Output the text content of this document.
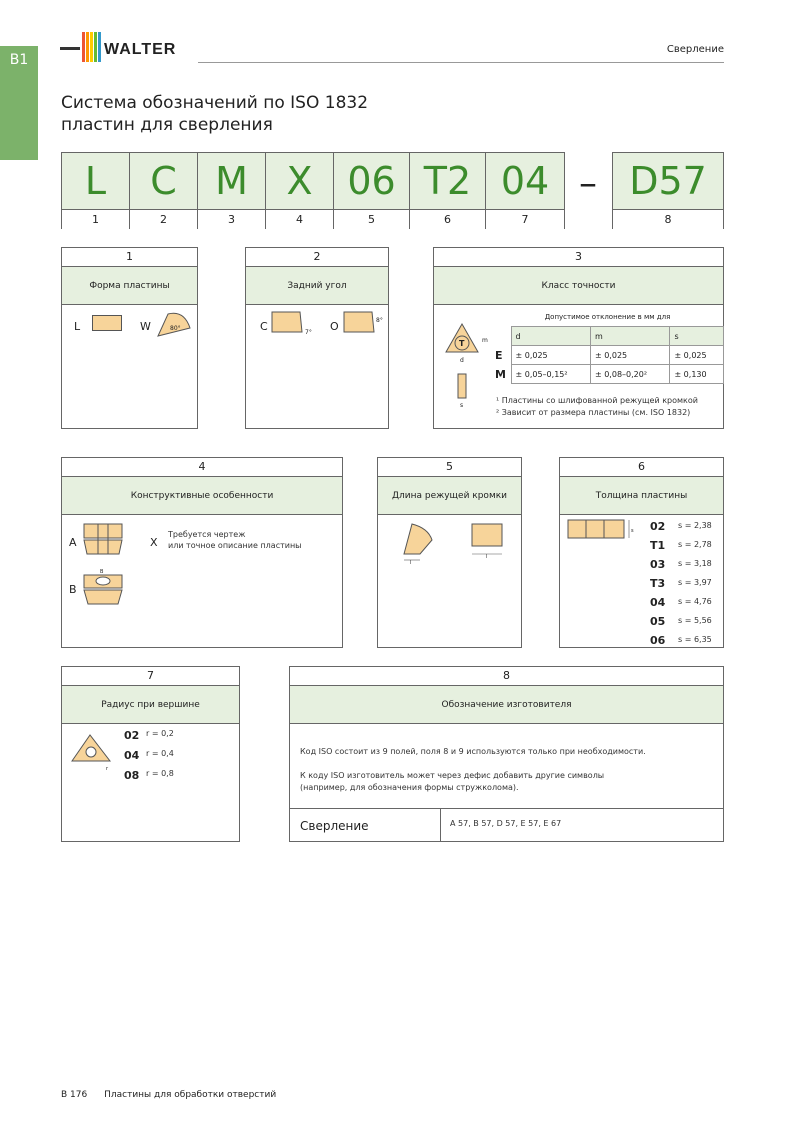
B1
WALTER	Сверление
Система обозначений по ISO 1832
пластин для сверления
L
1
C
2
M
3
X
4
06
5
T2
6
04
7
– D57
8
1
Форма пластины
L	W	80°
2
Задний угол
C	7° O	8°
3
Класс точности
T	m
d
s
Допустимое отклонение в мм для
	d	m	s
E	± 0,025	± 0,025	± 0,025
M	± 0,05–0,15²	± 0,08–0,20²	± 0,130
¹ Пластины со шлифованной режущей кромкой
² Зависит от размера пластины (см. ISO 1832)
4
Конструктивные особенности
A
B
B
X
Требуется чертеж
или точное описание пластины
5
Длина режущей кромки
l
l
6
Толщина пластины
s 02 s = 2,38
T1 s = 2,78
03 s = 3,18
T3 s = 3,97
04 s = 4,76
05 s = 5,56
06 s = 6,35
7
Радиус при вершине
r
02 r = 0,2
04 r = 0,4
08 r = 0,8
8
Обозначение изготовителя
Код ISO состоит из 9 полей, поля 8 и 9 используются только при необходимости.
К коду ISO изготовитель может через дефис добавить другие символы
(например, для обозначения формы стружколома).
Сверление	A 57, B 57, D 57, E 57, E 67
B 176 Пластины для обработки отверстий
